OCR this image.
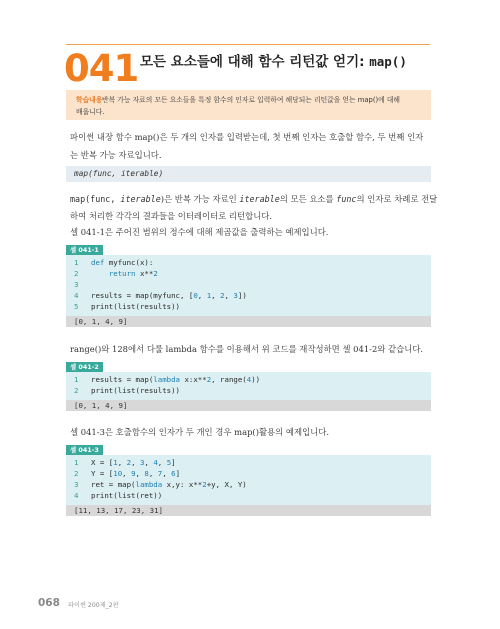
041 모든 요소들에 대해 함수 리턴값 얻기: map()
학습내용 반복 가능 자료의 모든 요소들을 특정 함수의 인자로 입력하여 해당되는 리턴값을 얻는 map()에 대해
배웁니다.
파이썬 내장 함수 map()은 두 개의 인자를 입력받는데, 첫 번째 인자는 호출할 함수, 두 번째 인자
는 반복 가능 자료입니다.
map(func, iterable)
map(func, iterable)은 반복 가능 자료인 iterable의 모든 요소를 func의 인자로 차례로 전달
하여 처리한 각각의 결과들을 이터레이터로 리턴합니다.
셀 041-1은 주어진 범위의 정수에 대해 제곱값을 출력하는 예제입니다.
셀 041-1
1	def myfunc(x):
2	return x**2
3
4	results = map(myfunc, [0, 1, 2, 3])
5	print(list(results))
[0, 1, 4, 9]
range()와 128에서 다룰 lambda 함수를 이용해서 위 코드를 재작성하면 셀 041-2와 같습니다.
셀 041-2
1	results = map(lambda x:x**2, range(4))
2	print(list(results))
[0, 1, 4, 9]
셀 041-3은 호출함수의 인자가 두 개인 경우 map()활용의 예제입니다.
셀 041-3
1	X = [1, 2, 3, 4, 5]
2	Y = [10, 9, 8, 7, 6]
3	ret = map(lambda x,y: x**2+y, X, Y)
4	print(list(ret))
[11, 13, 17, 23, 31]
068 파이썬 200제_2판
